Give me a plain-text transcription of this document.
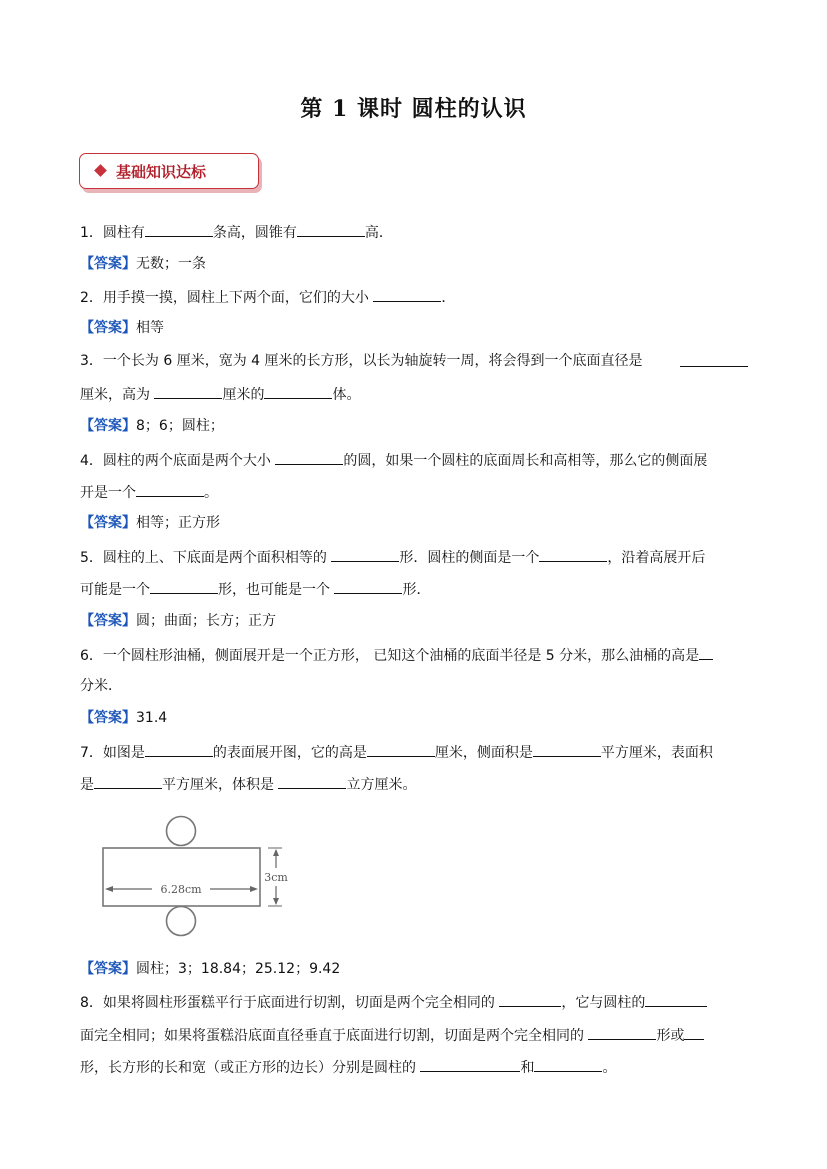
第 1 课时 圆柱的认识
基础知识达标
1．圆柱有	条高，圆锥有	高．
【答案】无数；一条
2．用手摸一摸，圆柱上下两个面，它们的大小	．
【答案】相等
3．一个长为 6 厘米，宽为 4 厘米的长方形，以长为轴旋转一周，将会得到一个底面直径是
厘米，高为	厘米的	体。
【答案】8；6；圆柱；
4．圆柱的两个底面是两个大小	的圆，如果一个圆柱的底面周长和高相等，那么它的侧面展
开是一个	。
【答案】相等；正方形
5．圆柱的上、下底面是两个面积相等的	形．圆柱的侧面是一个	，沿着高展开后
可能是一个	形，也可能是一个	形．
【答案】圆；曲面；长方；正方
6．一个圆柱形油桶，侧面展开是一个正方形， 已知这个油桶的底面半径是 5 分米，那么油桶的高是
分米．
【答案】31.4
7．如图是	的表面展开图，它的高是	厘米，侧面积是	平方厘米，表面积
是	平方厘米，体积是	立方厘米。
6.28cm
3cm
【答案】圆柱；3；18.84；25.12；9.42
8．如果将圆柱形蛋糕平行于底面进行切割，切面是两个完全相同的	，它与圆柱的
面完全相同；如果将蛋糕沿底面直径垂直于底面进行切割，切面是两个完全相同的	形或
形，长方形的长和宽（或正方形的边长）分别是圆柱的	和	。
